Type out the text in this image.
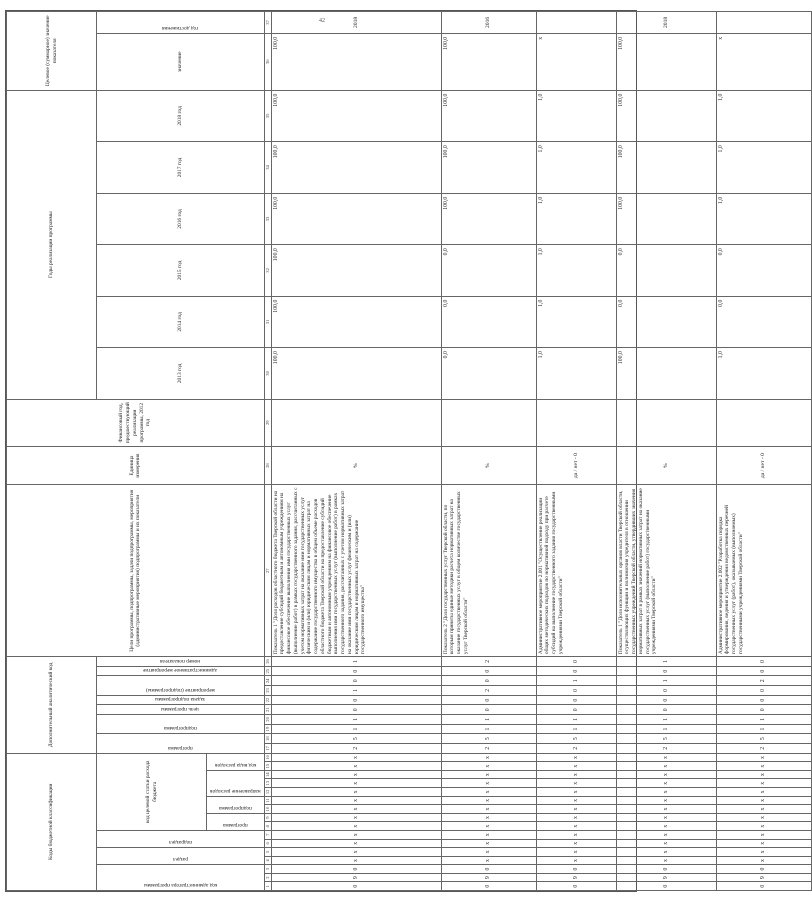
42
Коды бюджетной классификации																Дополнительный аналитический код										Цели программы, подпрограммы, задачи подпрограммы, мероприятия (административные мероприятия) подпрограммы и их показатели	Единица измерения	Финансовый год, предшествующий реализации программы, 2012 год	Годы реализации программы						Целевое (суммарное) значение показателя	

код администратора программы			раздел		подраздел		код целевой статьи расхода бюджета									программа		подпрограмма		цель программы	задача подпрограммы	мероприятие (подпрограммы)		административное мероприятие	номер показателя				2013 год	2014 год	2015 год	2016 год	2017 год	2018 год	значение	год достижения

							программа		подпрограмма		направление расходов			код вида расходов																						

1	2	3	4	5	6	7	8	9	10	11	12	13	14	15	16	17	18	19	20	21	22	23	24	25	26	27	28	29	30	31	32	33	34	35	36	37
0	9	0	х	х	х	х	х	х	х	х	х	х	х	х	х	2	5	1	1	0	0	1	0	0	1	Показатель 1 "Доля расходов областного бюджета Тверской области на предоставление субсидий бюджетным и автономным учреждениям на финансовое обеспечение выполнения ими государственных услуг (выполнение работ) в рамках государственного задания, рассчитанных с учетом нормативных затрат на оказание ими государственных услуг физическим и (или) юридическим лицам и нормативных затрат на содержание государственного имущества в общем объеме расходов областного бюджета Тверской области на предоставление субсидий бюджетным и автономным учреждениям на финансовое обеспечение выполнения ими государственных услуг (выполнение работ) в рамках государственного задания, рассчитанных с учетом нормативных затрат на оказание ими государственных услуг физическим и (или) юридическим лицам и нормативных затрат на содержание государственного имущества"	%		100,0	100,0	100,0	100,0	100,0	100,0	100,0	2018
0	9	0	х	х	х	х	х	х	х	х	х	х	х	х	х	2	5	1	1	0	0	2	0	0	2	Показатель 2 "Доля государственных услуг Тверской области, по которым приняты единые методики расчета нормативных затрат на оказание государственных услуг в общем количестве государственных услуг Тверской области"	%		0,0	0,0	0,0	100,0	100,0	100,0	100,0	2016
0	9	0	х	х	х	х	х	х	х	х	х	х	х	х	х	2	5	1	1	0	0	0	1	0	0	Административное мероприятие 2.001 "Осуществление реализации общих методических подходов по нормативной подходу при расчете субсидий на выполнение государственного задания государственными учреждениями Тверской области"	да / нет - 0		1,0	1,0	1,0	1,0	1,0	1,0	х	
0	9	0	х	х	х	х	х	х	х	х	х	х	х	х	х	2	5	1	1	0	0	0	1	0	1	Показатель 1 "Доля исполнительных органов власти Тверской области, осуществляющих функции и полномочия учредителя в отношении государственных учреждений Тверской области, утвердивших значения нормативных затрат в рамках значений нормативных затрат на оказание государственных услуг (выполнение работ) государственными учреждениями Тверской области"	%		100,0	0,0	0,0	100,0	100,0	100,0	100,0	2018
0	9	0	х	х	х	х	х	х	х	х	х	х	х	х	х	2	5	1	1	0	0	0	2	0	0	Административное мероприятие 2.002 "Разработка порядка формирования, ведения и утверждения ведомственных перечней государственных услуг (работ), оказываемых (выполняемых) государственными учреждениями Тверской области"	да / нет - 0		1,0	0,0	0,0	1,0	1,0	1,0	х	
